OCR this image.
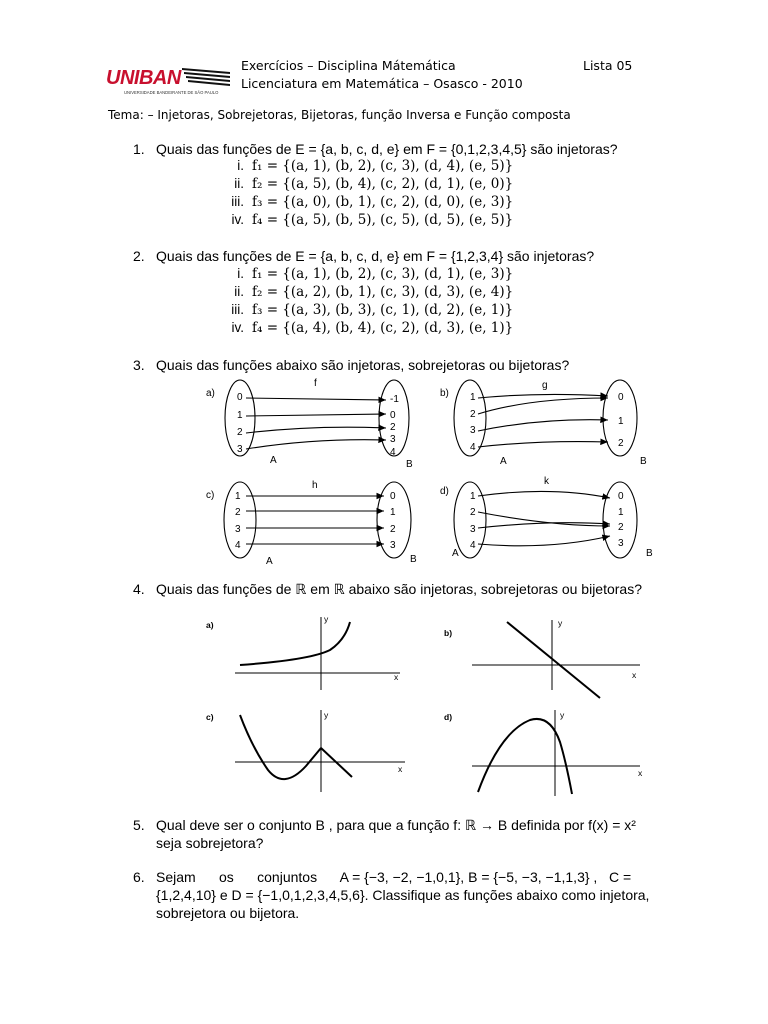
UNIBAN
UNIVERSIDADE BANDEIRANTE DE SÃO PAULO
Exercícios – Disciplina Mátemática
Licenciatura em Matemática – Osasco - 2010
Lista 05
Tema: – Injetoras, Sobrejetoras, Bijetoras, função Inversa e Função composta
1. Quais das funções de E = {a, b, c, d, e} em F = {0,1,2,3,4,5} são injetoras?
i. f₁ = {(a, 1), (b, 2), (c, 3), (d, 4), (e, 5)}
ii. f₂ = {(a, 5), (b, 4), (c, 2), (d, 1), (e, 0)}
iii. f₃ = {(a, 0), (b, 1), (c, 2), (d, 0), (e, 3)}
iv. f₄ = {(a, 5), (b, 5), (c, 5), (d, 5), (e, 5)}
2. Quais das funções de E = {a, b, c, d, e} em F = {1,2,3,4} são injetoras?
i. f₁ = {(a, 1), (b, 2), (c, 3), (d, 1), (e, 3)}
ii. f₂ = {(a, 2), (b, 1), (c, 3), (d, 3), (e, 4)}
iii. f₃ = {(a, 3), (b, 3), (c, 1), (d, 2), (e, 1)}
iv. f₄ = {(a, 4), (b, 4), (c, 2), (d, 3), (e, 1)}
3. Quais das funções abaixo são injetoras, sobrejetoras ou bijetoras?
a)
f
0
1
2
3
-1
0
2
3
4
A	B
b)
g
1
2
3
4
0
1
2
A	B
c)
h
1
2
3
4
0
1
2
3
A	B
d)
k
1
2
3
4
0
1
2
3
A	B
4. Quais das funções de ℝ em ℝ abaixo são injetoras, sobrejetoras ou bijetoras?
a)
y
x
b)
y
x
c)	y
x
d)	y
x
5. Qual deve ser o conjunto B , para que a função f: ℝ → B definida por f(x) = x²
seja sobrejetora?
6. Sejam      os      conjuntos      A = {−3, −2, −1,0,1}, B = {−5, −3, −1,1,3} ,   C =
{1,2,4,10} e D = {−1,0,1,2,3,4,5,6}. Classifique as funções abaixo como injetora,
sobrejetora ou bijetora.
